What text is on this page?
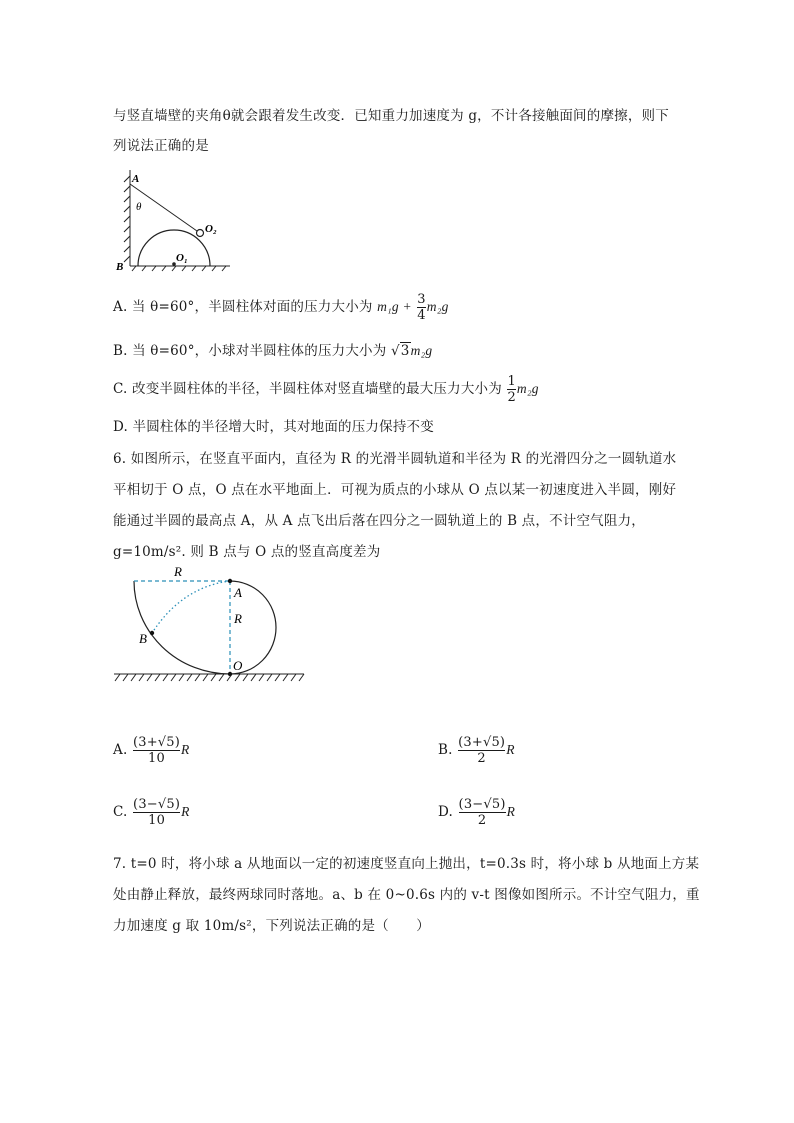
与竖直墙壁的夹角θ就会跟着发生改变．已知重力加速度为 g，不计各接触面间的摩擦，则下
列说法正确的是
A
θ
O₂
O₁
B
A. 当 θ=60°，半圆柱体对面的压力大小为 $m_1g + \frac{3}{4} m_2g$
B. 当 θ=60°，小球对半圆柱体的压力大小为 √3m₂g
C. 改变半圆柱体的半径，半圆柱体对竖直墙壁的最大压力大小为 $\frac{1}{2} m_2g$
D. 半圆柱体的半径增大时，其对地面的压力保持不变
6. 如图所示，在竖直平面内，直径为 R 的光滑半圆轨道和半径为 R 的光滑四分之一圆轨道水
平相切于 O 点，O 点在水平地面上．可视为质点的小球从 O 点以某一初速度进入半圆，刚好
能通过半圆的最高点 A，从 A 点飞出后落在四分之一圆轨道上的 B 点，不计空气阻力，
g=10m/s². 则 B 点与 O 点的竖直高度差为
R
A
R
B
O
A. $\frac{(3+√5)}{10}$ R	B. $\frac{(3+√5)}{2}$ R
C. $\frac{(3-√5)}{10}$ R	D. $\frac{(3-√5)}{2}$ R
7. t=0 时，将小球 a 从地面以一定的初速度竖直向上抛出，t=0.3s 时，将小球 b 从地面上方某
处由静止释放，最终两球同时落地。a、b 在 0~0.6s 内的 v-t 图像如图所示。不计空气阻力，重
力加速度 g 取 10m/s²，下列说法正确的是（　　）
